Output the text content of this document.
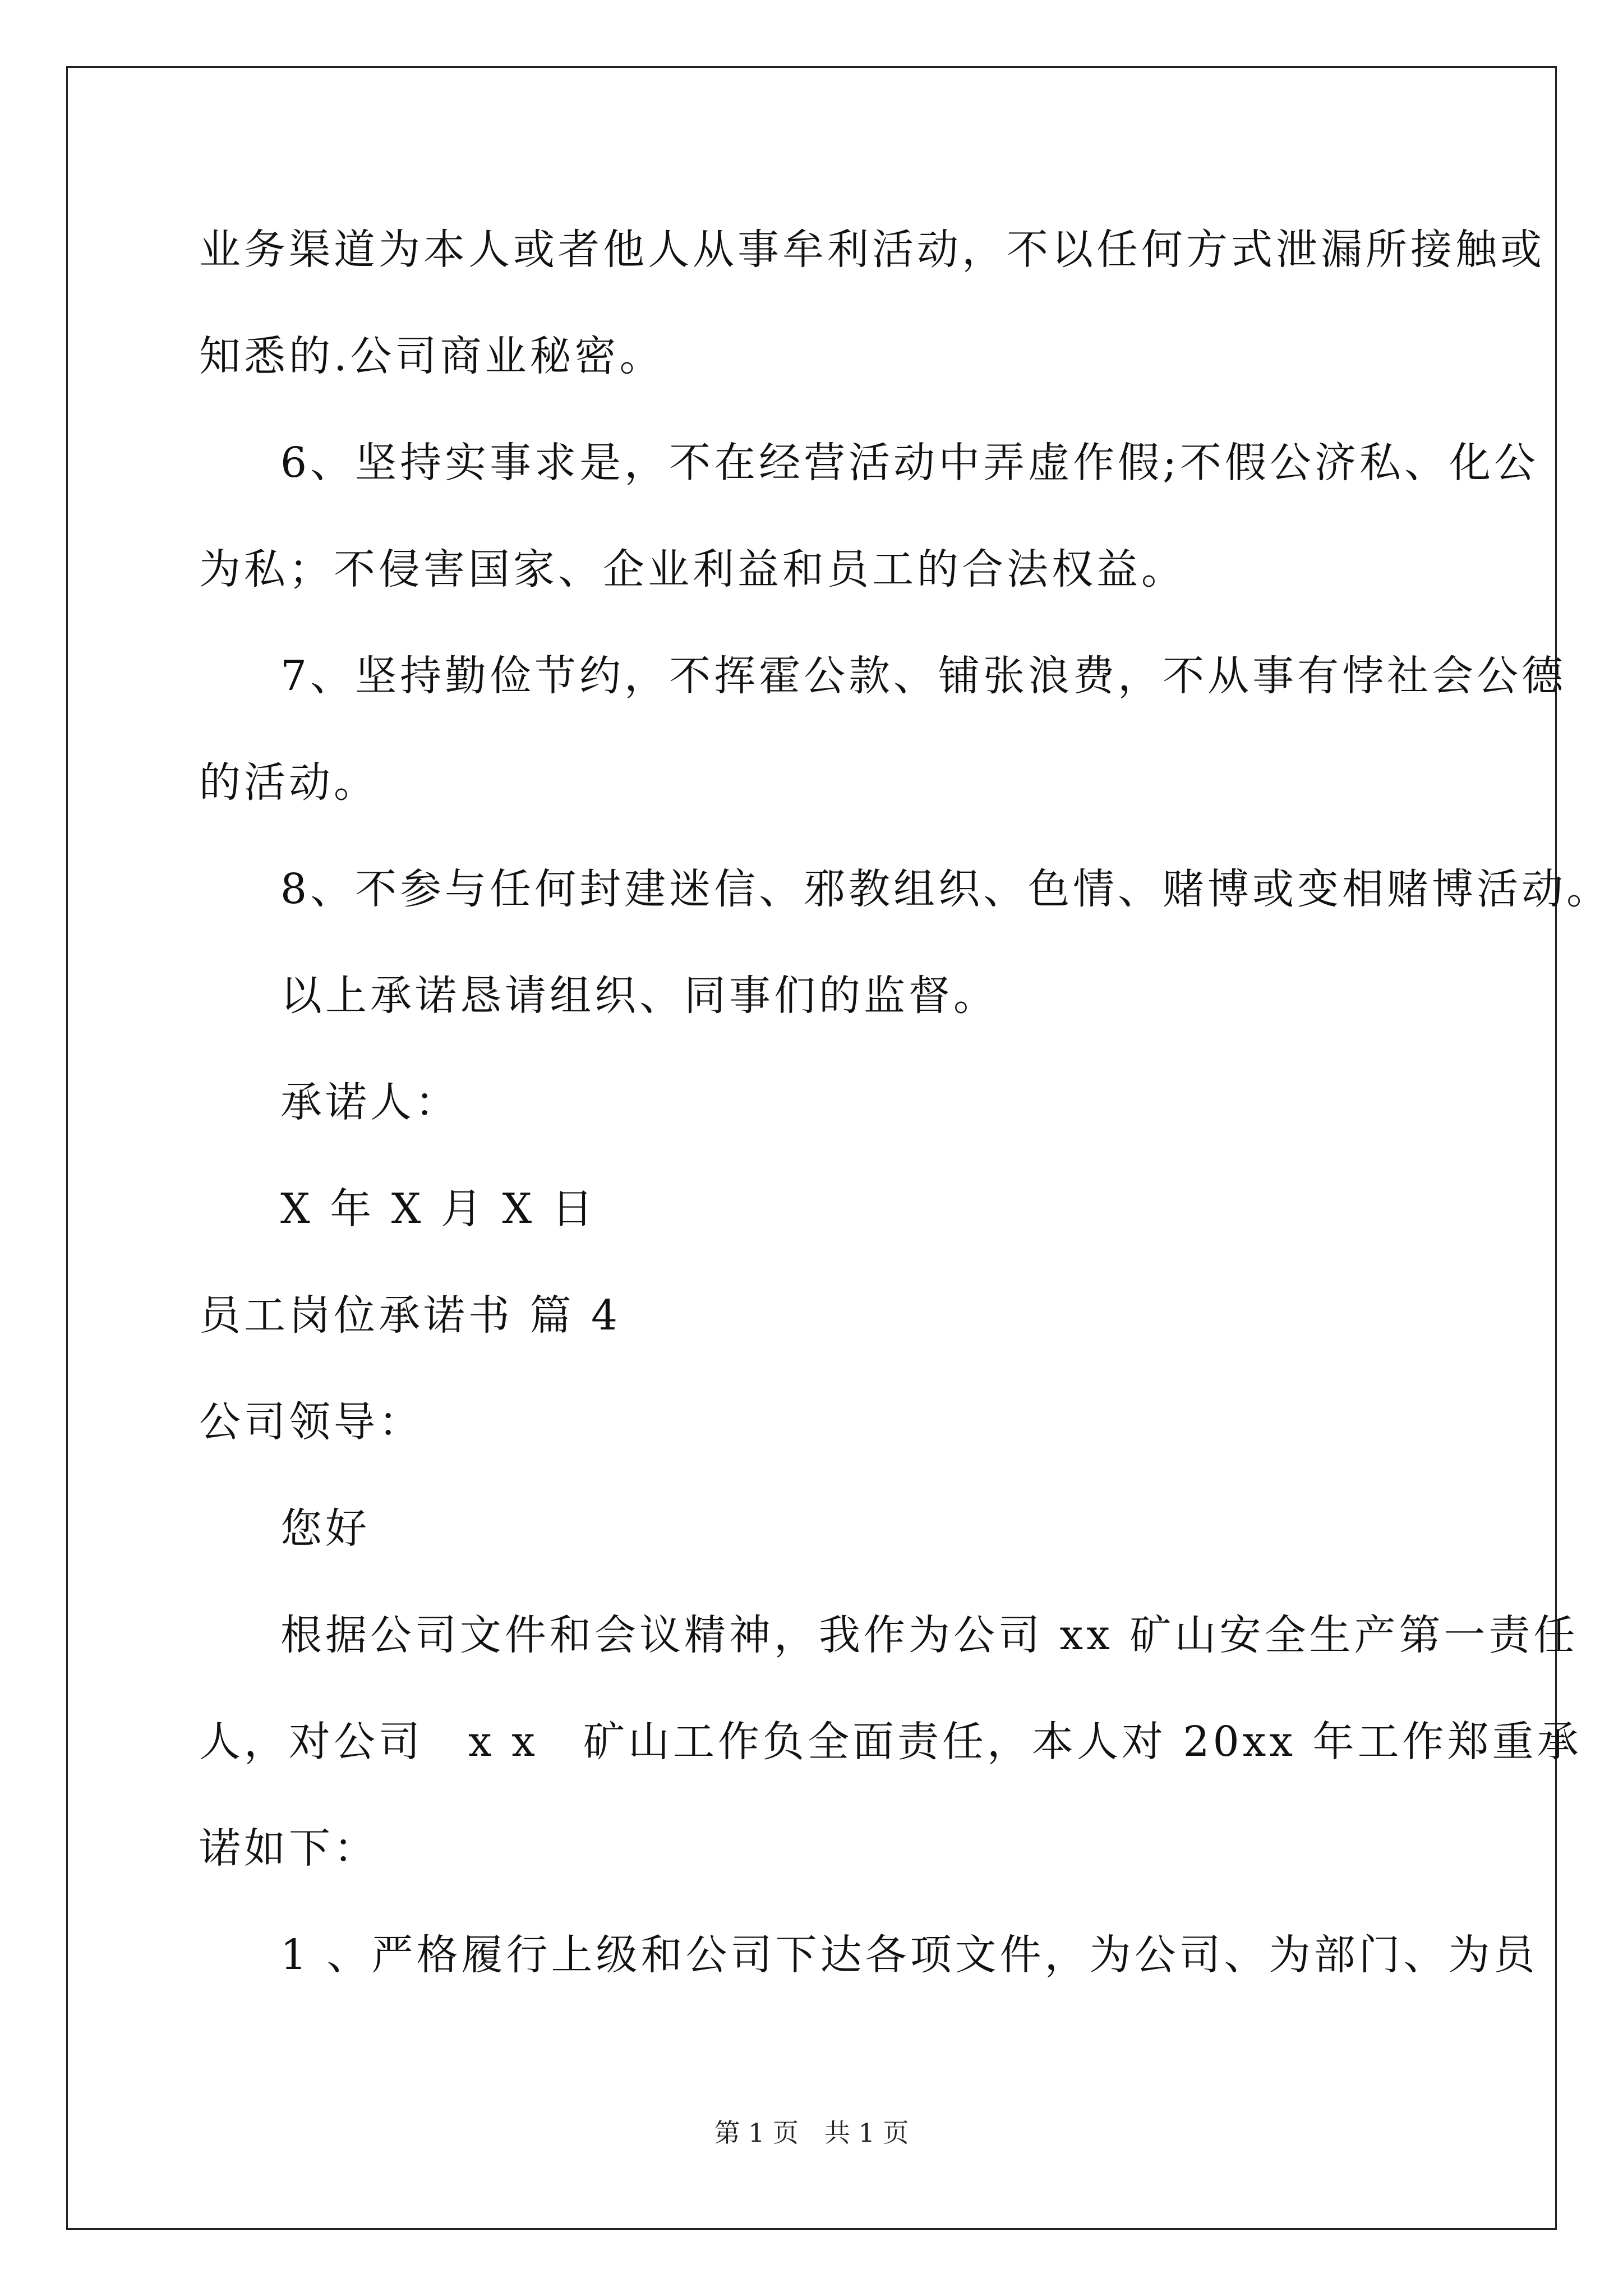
业务渠道为本人或者他人从事牟利活动，不以任何方式泄漏所接触或
知悉的.公司商业秘密。
6、坚持实事求是，不在经营活动中弄虚作假;不假公济私、化公
为私；不侵害国家、企业利益和员工的合法权益。
7、坚持勤俭节约，不挥霍公款、铺张浪费，不从事有悖社会公德
的活动。
8、不参与任何封建迷信、邪教组织、色情、赌博或变相赌博活动。
以上承诺恳请组织、同事们的监督。
承诺人：
X 年 X 月 X 日
员工岗位承诺书 篇 4
公司领导：
您好
根据公司文件和会议精神，我作为公司 xx 矿山安全生产第一责任
人，对公司　x x　矿山工作负全面责任，本人对 20xx 年工作郑重承
诺如下：
1 、严格履行上级和公司下达各项文件，为公司、为部门、为员
第 1 页　共 1 页
